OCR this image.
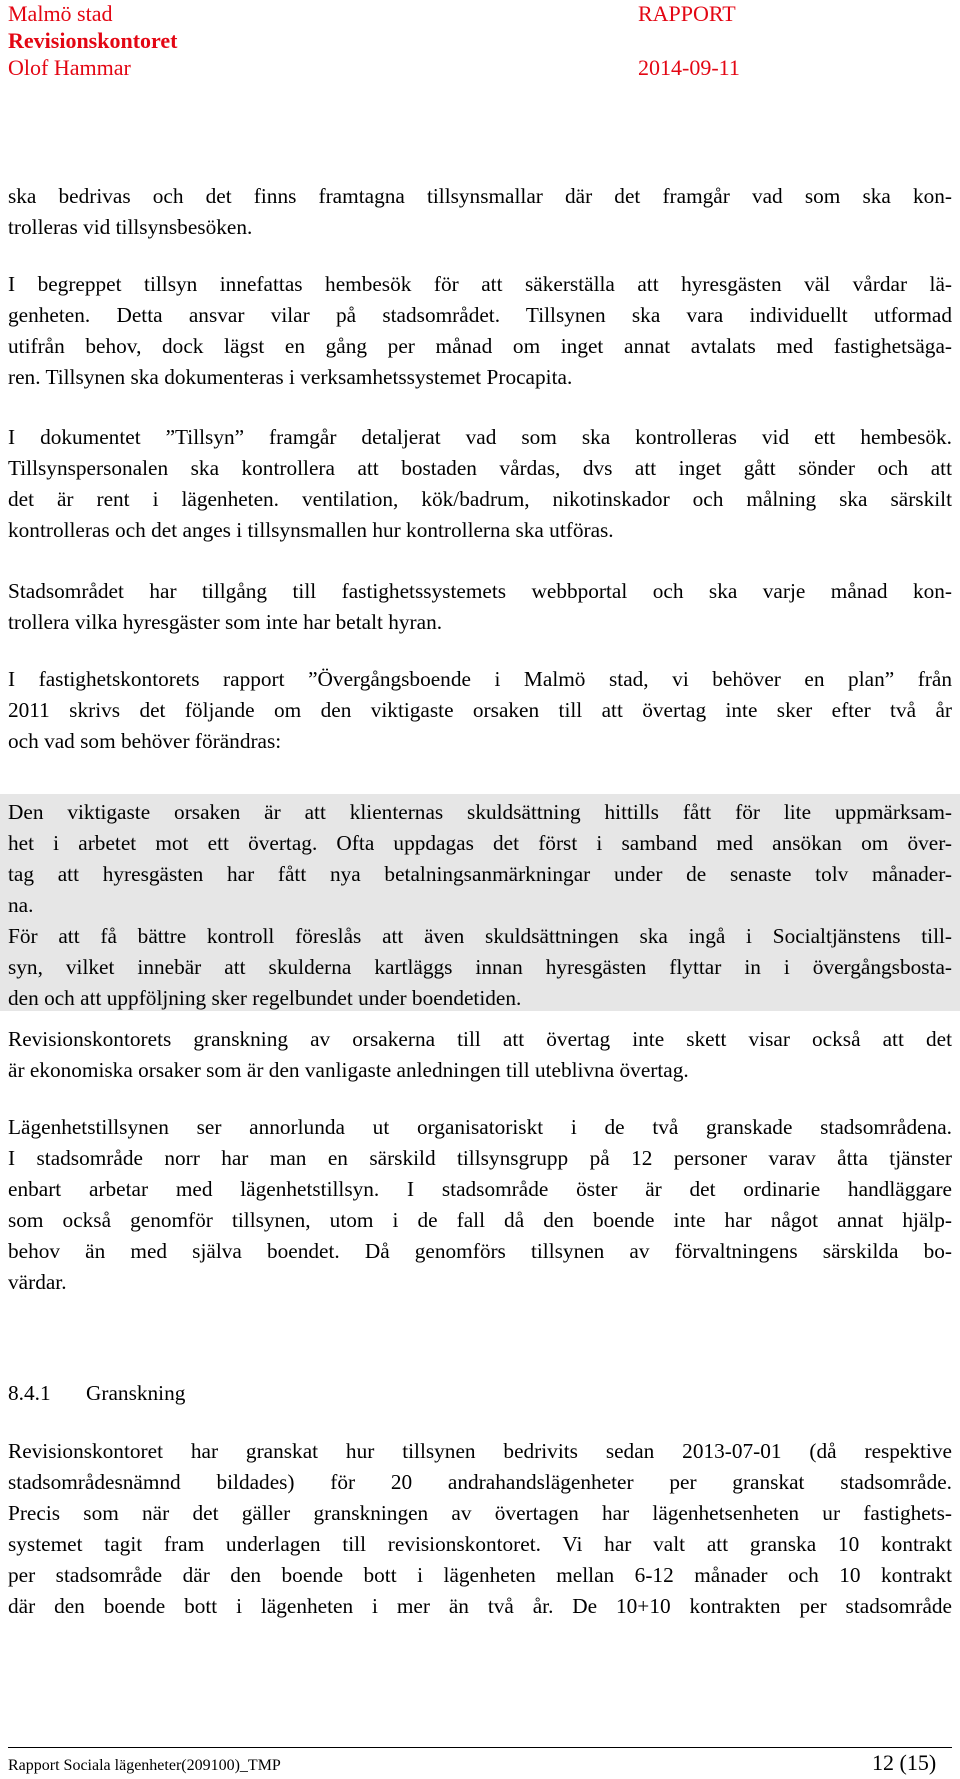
Malmö stad	RAPPORT
Revisionskontoret
Olof Hammar	2014-09-11
ska bedrivas och det finns framtagna tillsynsmallar där det framgår vad som ska kon-
trolleras vid tillsynsbesöken.
I begreppet tillsyn innefattas hembesök för att säkerställa att hyresgästen väl vårdar lä-
genheten. Detta ansvar vilar på stadsområdet. Tillsynen ska vara individuellt utformad
utifrån behov, dock lägst en gång per månad om inget annat avtalats med fastighetsäga-
ren. Tillsynen ska dokumenteras i verksamhetssystemet Procapita.
I dokumentet ”Tillsyn” framgår detaljerat vad som ska kontrolleras vid ett hembesök.
Tillsynspersonalen ska kontrollera att bostaden vårdas, dvs att inget gått sönder och att
det är rent i lägenheten. ventilation, kök/badrum, nikotinskador och målning ska särskilt
kontrolleras och det anges i tillsynsmallen hur kontrollerna ska utföras.
Stadsområdet har tillgång till fastighetssystemets webbportal och ska varje månad kon-
trollera vilka hyresgäster som inte har betalt hyran.
I fastighetskontorets rapport ”Övergångsboende i Malmö stad, vi behöver en plan” från
2011 skrivs det följande om den viktigaste orsaken till att övertag inte sker efter två år
och vad som behöver förändras:
Den viktigaste orsaken är att klienternas skuldsättning hittills fått för lite uppmärksam-
het i arbetet mot ett övertag. Ofta uppdagas det först i samband med ansökan om över-
tag att hyresgästen har fått nya betalningsanmärkningar under de senaste tolv månader-
na.
För att få bättre kontroll föreslås att även skuldsättningen ska ingå i Socialtjänstens till-
syn, vilket innebär att skulderna kartläggs innan hyresgästen flyttar in i övergångsbosta-
den och att uppföljning sker regelbundet under boendetiden.
Revisionskontorets granskning av orsakerna till att övertag inte skett visar också att det
är ekonomiska orsaker som är den vanligaste anledningen till uteblivna övertag.
Lägenhetstillsynen ser annorlunda ut organisatoriskt i de två granskade stadsområdena.
I stadsområde norr har man en särskild tillsynsgrupp på 12 personer varav åtta tjänster
enbart arbetar med lägenhetstillsyn. I stadsområde öster är det ordinarie handläggare
som också genomför tillsynen, utom i de fall då den boende inte har något annat hjälp-
behov än med själva boendet. Då genomförs tillsynen av förvaltningens särskilda bo-
värdar.
8.4.1 Granskning
Revisionskontoret har granskat hur tillsynen bedrivits sedan 2013-07-01 (då respektive
stadsområdesnämnd bildades) för 20 andrahandslägenheter per granskat stadsområde.
Precis som när det gäller granskningen av övertagen har lägenhetsenheten ur fastighets-
systemet tagit fram underlagen till revisionskontoret. Vi har valt att granska 10 kontrakt
per stadsområde där den boende bott i lägenheten mellan 6-12 månader och 10 kontrakt
där den boende bott i lägenheten i mer än två år. De 10+10 kontrakten per stadsområde
Rapport Sociala lägenheter(209100)_TMP	12 (15)
